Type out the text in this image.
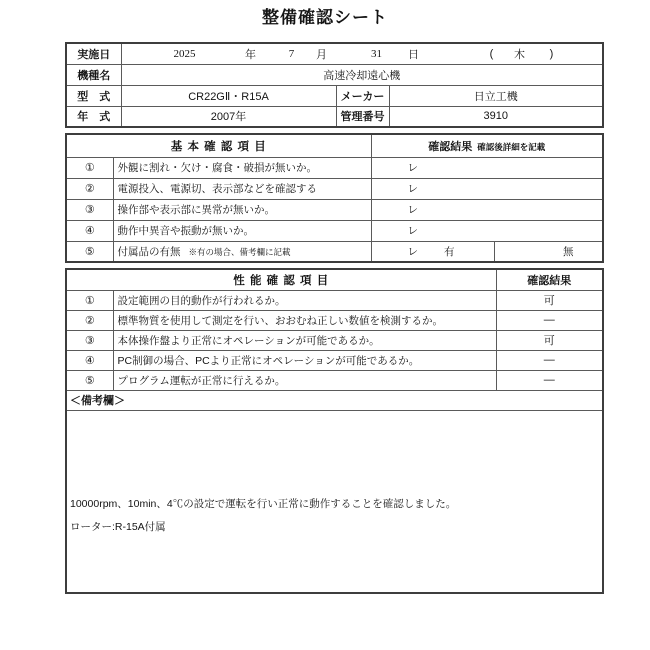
整備確認シート
実施日	2025	年	7 月	31 日	( 木 )

機種名	高速冷却遠心機		
型　式	CR22GⅡ・R15A	メーカー	日立工機
年　式	2007年	管理番号	3910
基 本 確 認 項 目		確認結果 確認後詳細を記載	
①	外観に割れ・欠け・腐食・破損が無いか｡	レ	
②	電源投入、電源切、表示部などを確認する	レ	
③	操作部や表示部に異常が無いか｡	レ	
④	動作中異音や振動が無いか｡	レ	
⑤	付属品の有無 ※有の場合、備考欄に記載	レ 有	無
性 能 確 認 項 目		確認結果
①	設定範囲の目的動作が行われるか｡	可
②	標準物質を使用して測定を行い、おおむね正しい数値を検測するか｡	―
③	本体操作盤より正常にオペレーションが可能であるか｡	可
④	PC制御の場合、PCより正常にオペレーションが可能であるか｡	―
⑤	プログラム運転が正常に行えるか｡	―
＜備考欄＞		

10000rpm、10min、4℃の設定で運転を行い正常に動作することを確認しました。
ローター:R-15A付属		
